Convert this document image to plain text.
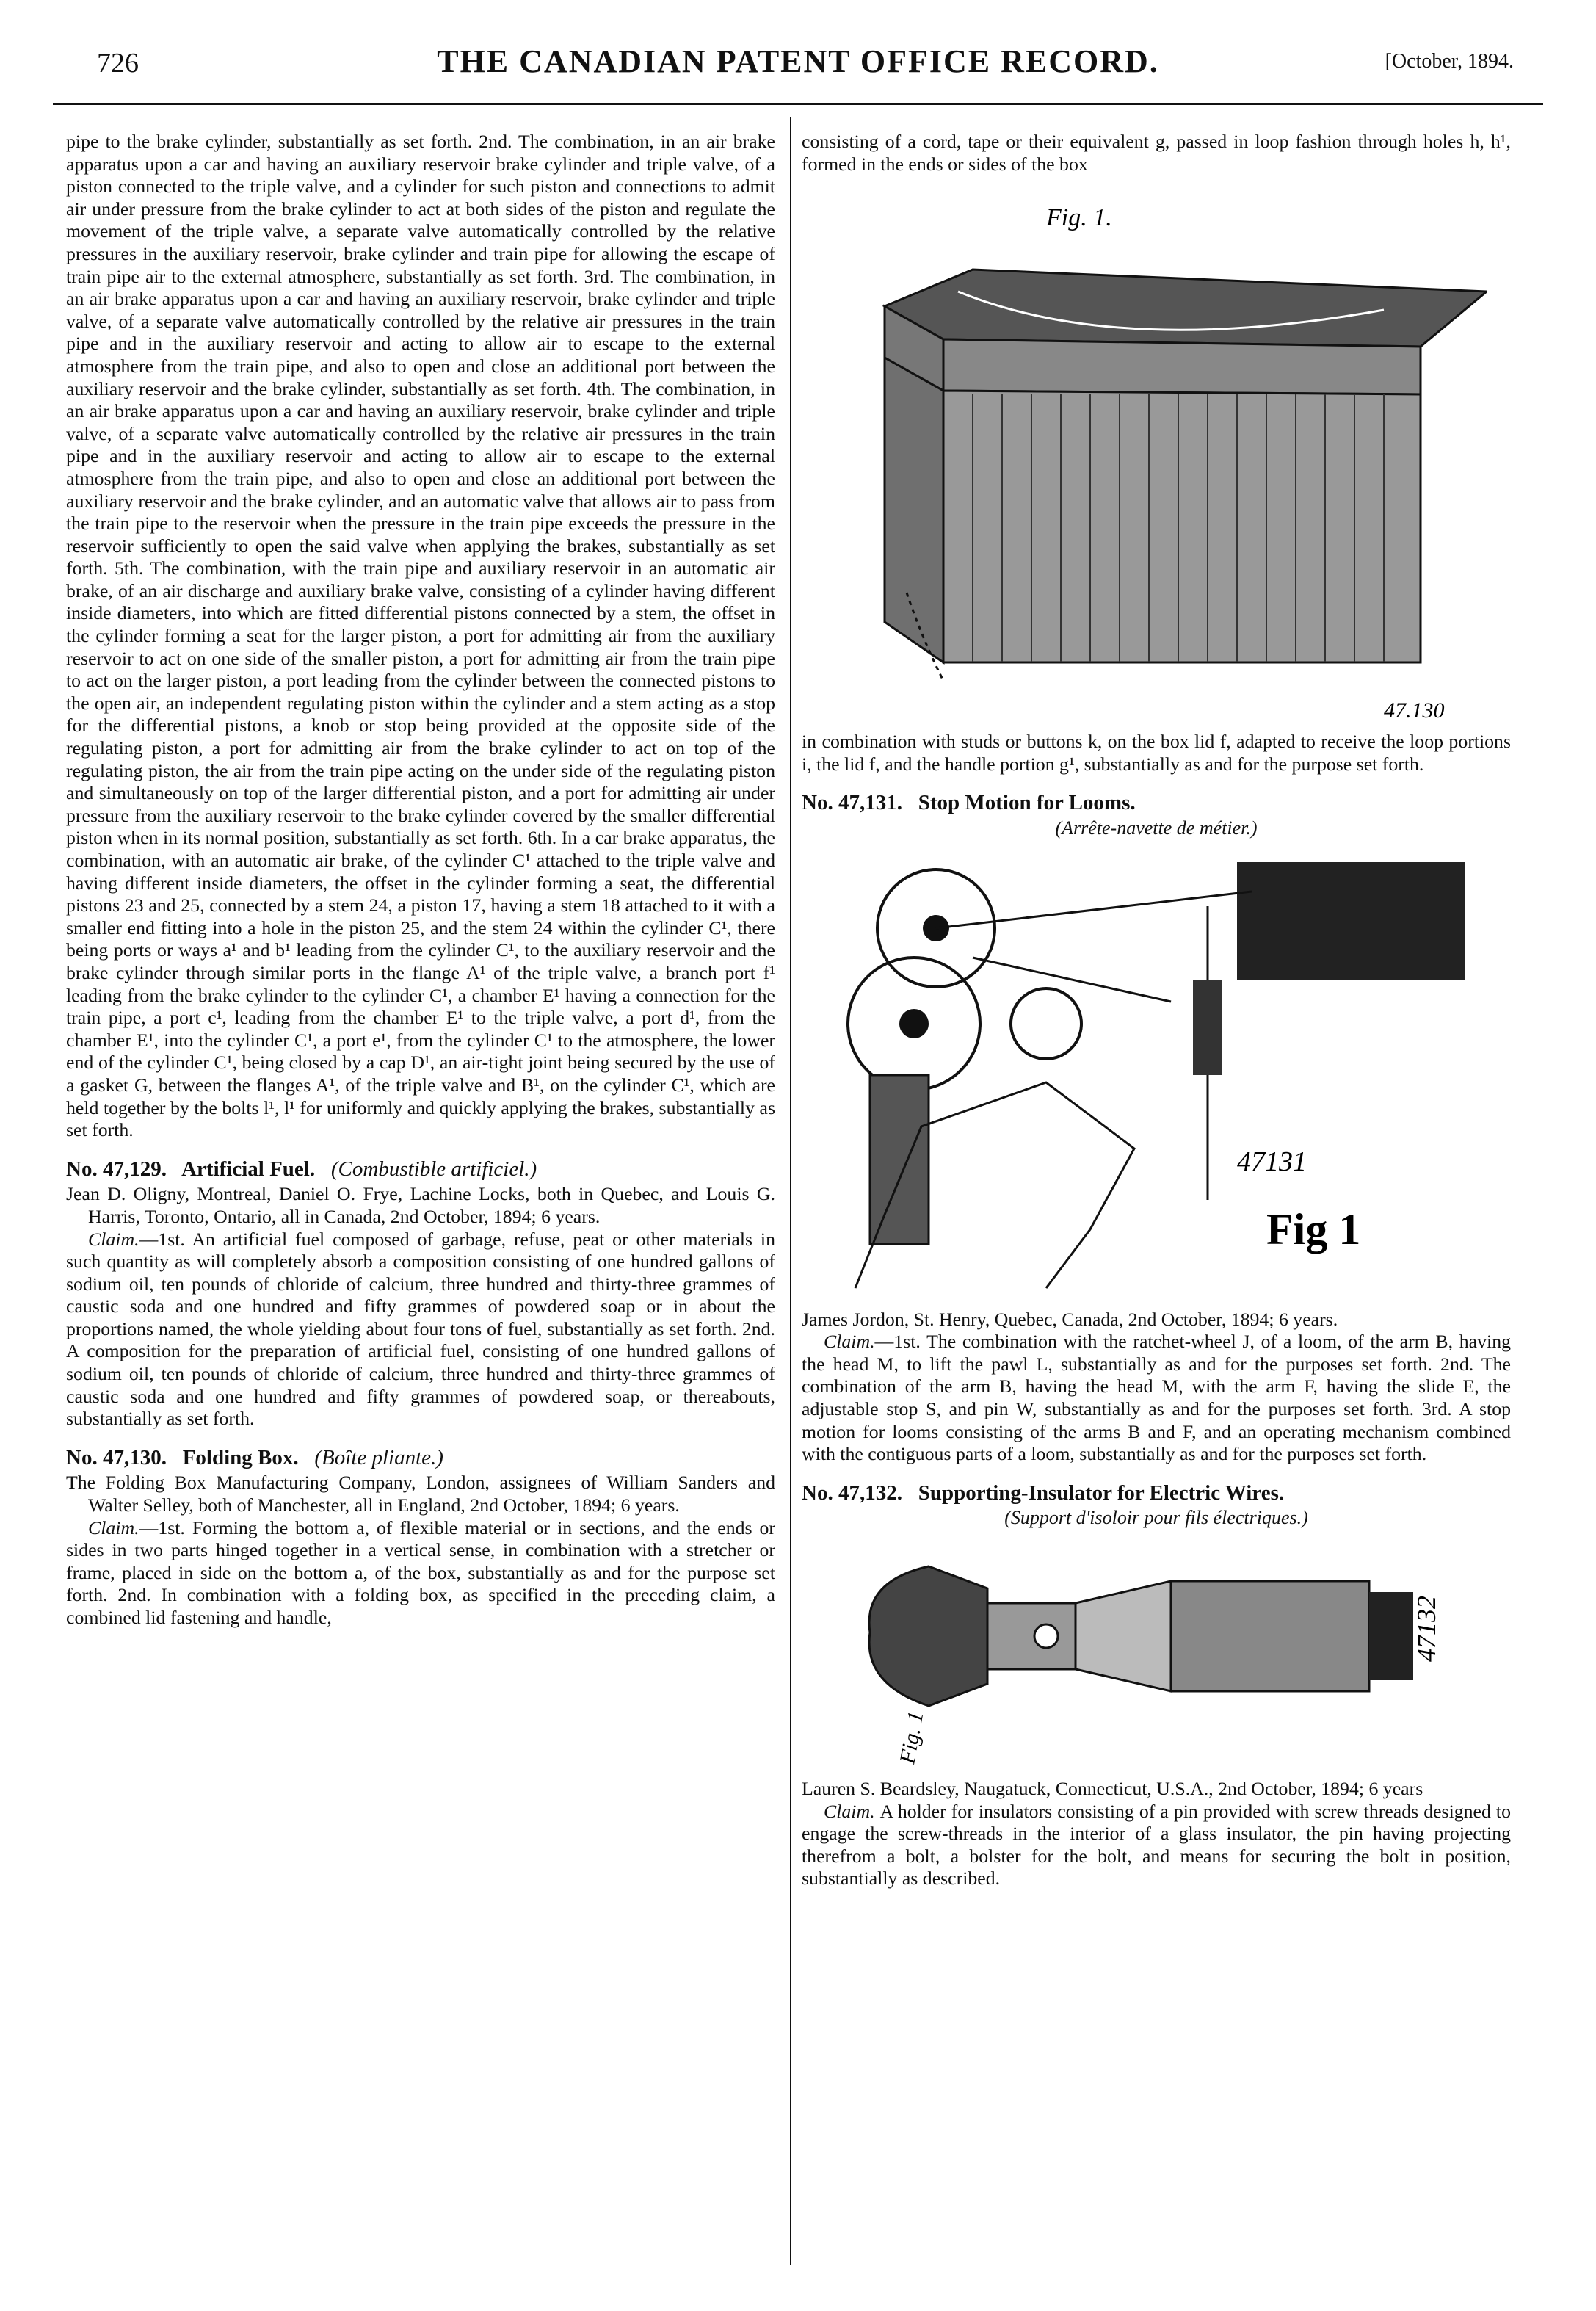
726	THE CANADIAN PATENT OFFICE RECORD.	[October, 1894.

pipe to the brake cylinder, substantially as set forth. 2nd. The combination, in an air brake apparatus upon a car and having an auxiliary reservoir brake cylinder and triple valve, of a piston connected to the triple valve, and a cylinder for such piston and connections to admit air under pressure from the brake cylinder to act at both sides of the piston and regulate the movement of the triple valve, a separate valve automatically controlled by the relative pressures in the auxiliary reservoir, brake cylinder and train pipe for allowing the escape of train pipe air to the external atmosphere, substantially as set forth. 3rd. The combination, in an air brake apparatus upon a car and having an auxiliary reservoir, brake cylinder and triple valve, of a separate valve automatically controlled by the relative air pressures in the train pipe and in the auxiliary reservoir and acting to allow air to escape to the external atmosphere from the train pipe, and also to open and close an additional port between the auxiliary reservoir and the brake cylinder, substantially as set forth. 4th. The combination, in an air brake apparatus upon a car and having an auxiliary reservoir, brake cylinder and triple valve, of a separate valve automatically controlled by the relative air pressures in the train pipe and in the auxiliary reservoir and acting to allow air to escape to the external atmosphere from the train pipe, and also to open and close an additional port between the auxiliary reservoir and the brake cylinder, and an automatic valve that allows air to pass from the train pipe to the reservoir when the pressure in the train pipe exceeds the pressure in the reservoir sufficiently to open the said valve when applying the brakes, substantially as set forth. 5th. The combination, with the train pipe and auxiliary reservoir in an automatic air brake, of an air discharge and auxiliary brake valve, consisting of a cylinder having different inside diameters, into which are fitted differential pistons connected by a stem, the offset in the cylinder forming a seat for the larger piston, a port for admitting air from the auxiliary reservoir to act on one side of the smaller piston, a port for admitting air from the train pipe to act on the larger piston, a port leading from the cylinder between the connected pistons to the open air, an independent regulating piston within the cylinder and a stem acting as a stop for the differential pistons, a knob or stop being provided at the opposite side of the regulating piston, a port for admitting air from the brake cylinder to act on top of the regulating piston, the air from the train pipe acting on the under side of the regulating piston and simultaneously on top of the larger differential piston, and a port for admitting air under pressure from the auxiliary reservoir to the brake cylinder covered by the smaller differential piston when in its normal position, substantially as set forth. 6th. In a car brake apparatus, the combination, with an automatic air brake, of the cylinder C¹ attached to the triple valve and having different inside diameters, the offset in the cylinder forming a seat, the differential pistons 23 and 25, connected by a stem 24, a piston 17, having a stem 18 attached to it with a smaller end fitting into a hole in the piston 25, and the stem 24 within the cylinder C¹, there being ports or ways a¹ and b¹ leading from the cylinder C¹, to the auxiliary reservoir and the brake cylinder through similar ports in the flange A¹ of the triple valve, a branch port f¹ leading from the brake cylinder to the cylinder C¹, a chamber E¹ having a connection for the train pipe, a port c¹, leading from the chamber E¹ to the triple valve, a port d¹, from the chamber E¹, into the cylinder C¹, a port e¹, from the cylinder C¹ to the atmosphere, the lower end of the cylinder C¹, being closed by a cap D¹, an air-tight joint being secured by the use of a gasket G, between the flanges A¹, of the triple valve and B¹, on the cylinder C¹, which are held together by the bolts l¹, l¹ for uniformly and quickly applying the brakes, substantially as set forth.

No. 47,129. Artificial Fuel. (Combustible artificiel.)

Jean D. Oligny, Montreal, Daniel O. Frye, Lachine Locks, both in Quebec, and Louis G. Harris, Toronto, Ontario, all in Canada, 2nd October, 1894; 6 years.

Claim.—1st. An artificial fuel composed of garbage, refuse, peat or other materials in such quantity as will completely absorb a composition consisting of one hundred gallons of sodium oil, ten pounds of chloride of calcium, three hundred and thirty-three grammes of caustic soda and one hundred and fifty grammes of powdered soap or in about the proportions named, the whole yielding about four tons of fuel, substantially as set forth. 2nd. A composition for the preparation of artificial fuel, consisting of one hundred gallons of sodium oil, ten pounds of chloride of calcium, three hundred and thirty-three grammes of caustic soda and one hundred and fifty grammes of powdered soap, or thereabouts, substantially as set forth.

No. 47,130. Folding Box. (Boîte pliante.)

The Folding Box Manufacturing Company, London, assignees of William Sanders and Walter Selley, both of Manchester, all in England, 2nd October, 1894; 6 years.

Claim.—1st. Forming the bottom a, of flexible material or in sections, and the ends or sides in two parts hinged together in a vertical sense, in combination with a stretcher or frame, placed in side on the bottom a, of the box, substantially as and for the purpose set forth. 2nd. In combination with a folding box, as specified in the preceding claim, a combined lid fastening and handle,

consisting of a cord, tape or their equivalent g, passed in loop fashion through holes h, h¹, formed in the ends or sides of the box

Fig. 1.
47.130

in combination with studs or buttons k, on the box lid f, adapted to receive the loop portions i, the lid f, and the handle portion g¹, substantially as and for the purpose set forth.

No. 47,131. Stop Motion for Looms.

(Arrête-navette de métier.)

47131
Fig 1

James Jordon, St. Henry, Quebec, Canada, 2nd October, 1894; 6 years.

Claim.—1st. The combination with the ratchet-wheel J, of a loom, of the arm B, having the head M, to lift the pawl L, substantially as and for the purposes set forth. 2nd. The combination of the arm B, having the head M, with the arm F, having the slide E, the adjustable stop S, and pin W, substantially as and for the purposes set forth. 3rd. A stop motion for looms consisting of the arms B and F, and an operating mechanism combined with the contiguous parts of a loom, substantially as and for the purposes set forth.

No. 47,132. Supporting-Insulator for Electric Wires.

(Support d'isoloir pour fils électriques.)

47132
Fig. 1

Lauren S. Beardsley, Naugatuck, Connecticut, U.S.A., 2nd October, 1894; 6 years

Claim. A holder for insulators consisting of a pin provided with screw threads designed to engage the screw-threads in the interior of a glass insulator, the pin having projecting therefrom a bolt, a bolster for the bolt, and means for securing the bolt in position, substantially as described.
